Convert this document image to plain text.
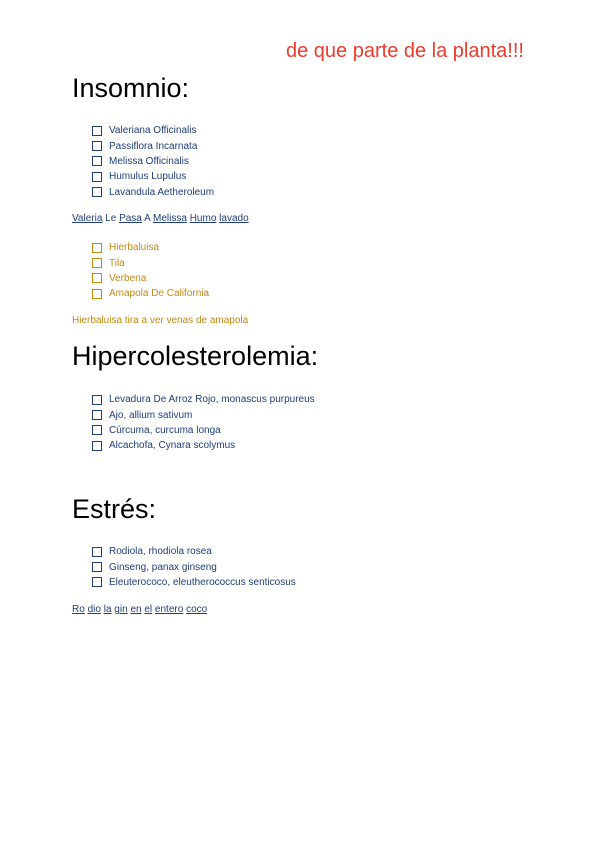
de que parte de la planta!!!
Insomnio:
Valeriana Officinalis
Passiflora Incarnata
Melissa Officinalis
Humulus Lupulus
Lavandula Aetheroleum
Valeria Le Pasa A Melissa Humo lavado
Hierbaluisa
Tila
Verbena
Amapola De California
Hierbaluisa tira a ver venas de amapola
Hipercolesterolemia:
Levadura De Arroz Rojo, monascus purpureus
Ajo, allium sativum
Cúrcuma, curcuma longa
Alcachofa, Cynara scolymus
Estrés:
Rodiola, rhodiola rosea
Ginseng, panax ginseng
Eleuterococo, eleutherococcus senticosus
Ro dio la gin en el entero coco
